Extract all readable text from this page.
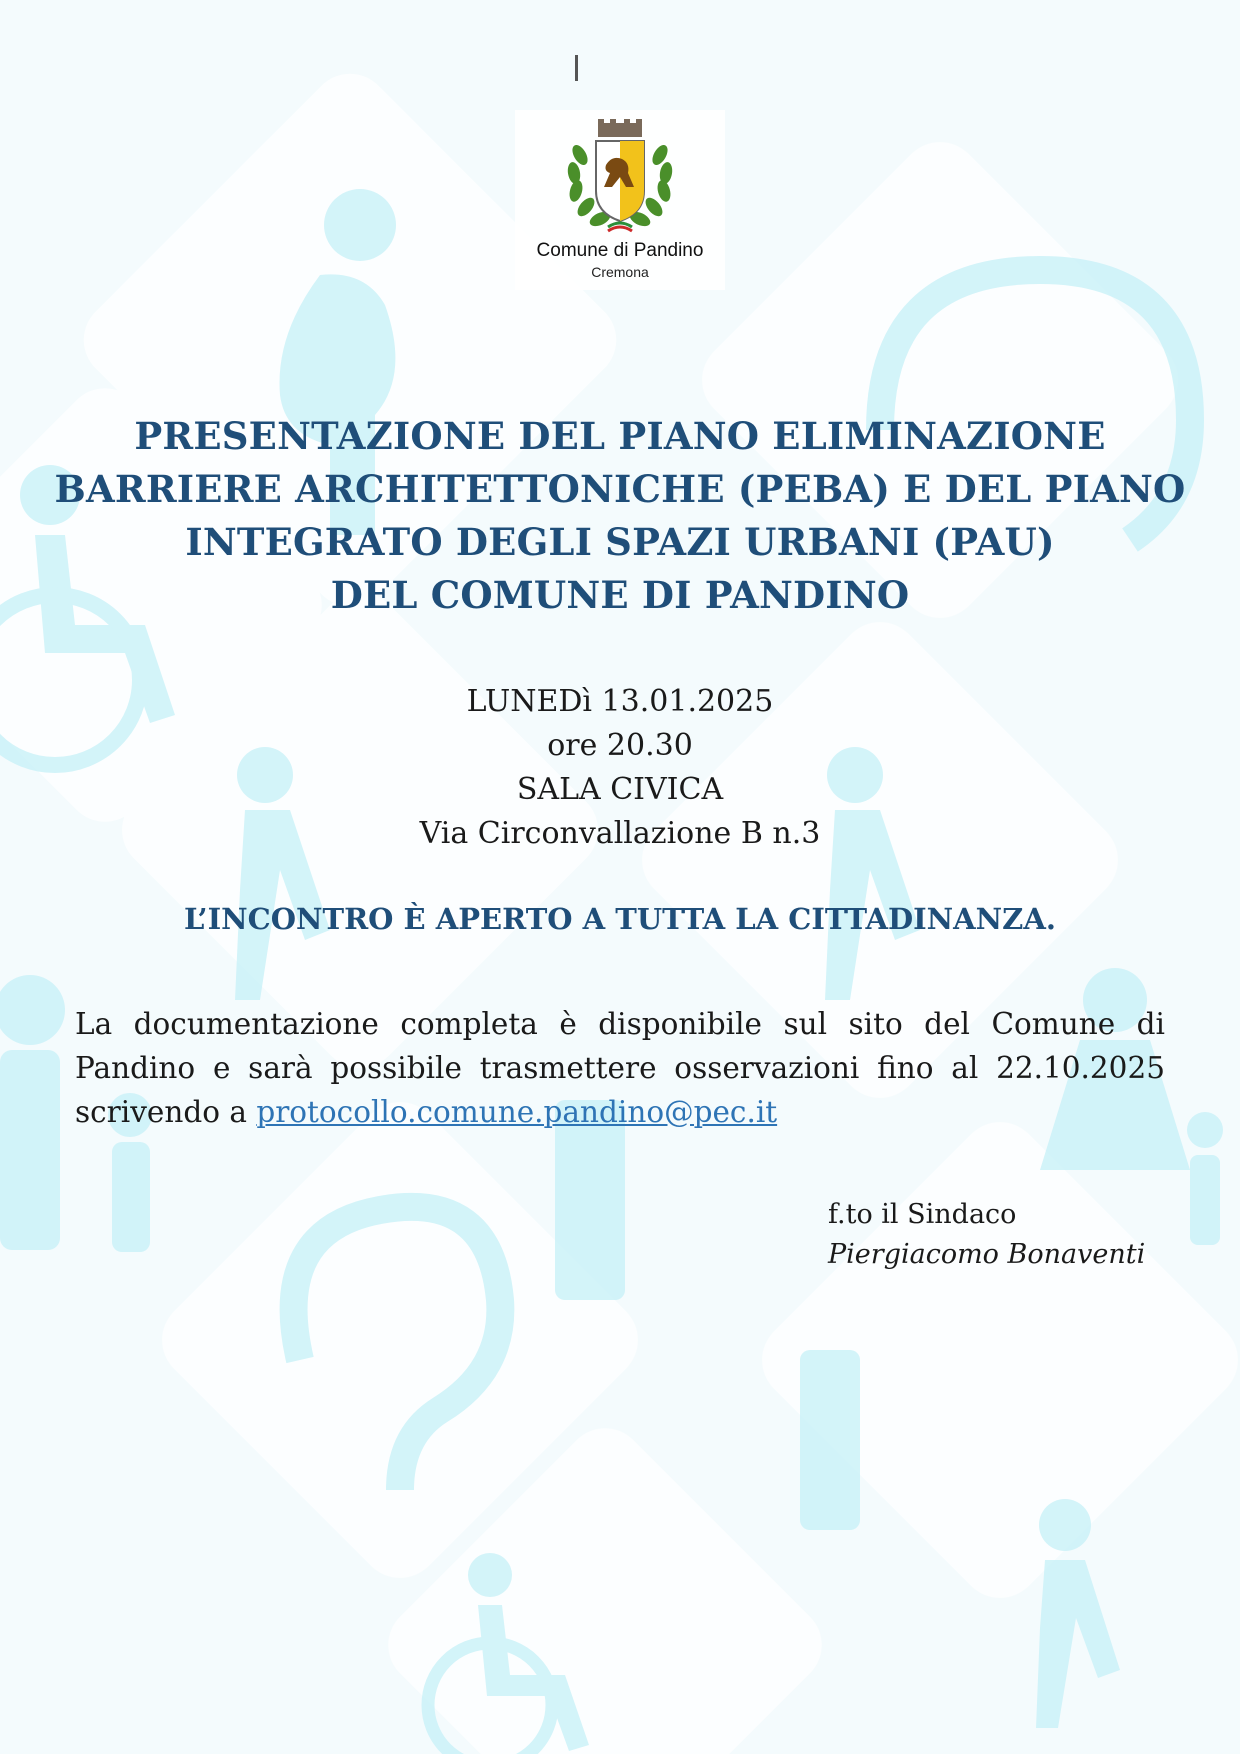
Comune di Pandino
Cremona
PRESENTAZIONE DEL PIANO ELIMINAZIONE
BARRIERE ARCHITETTONICHE (PEBA) E DEL PIANO
INTEGRATO DEGLI SPAZI URBANI (PAU)
DEL COMUNE DI PANDINO
LUNEDì 13.01.2025
ore 20.30
SALA CIVICA
Via Circonvallazione B n.3
L’INCONTRO È APERTO A TUTTA LA CITTADINANZA.

La documentazione completa è disponibile sul sito del Comune di Pandino e sarà possibile trasmettere osservazioni fino al 22.10.2025 scrivendo a protocollo.comune.pandino@pec.it

f.to il Sindaco
Piergiacomo Bonaventi
